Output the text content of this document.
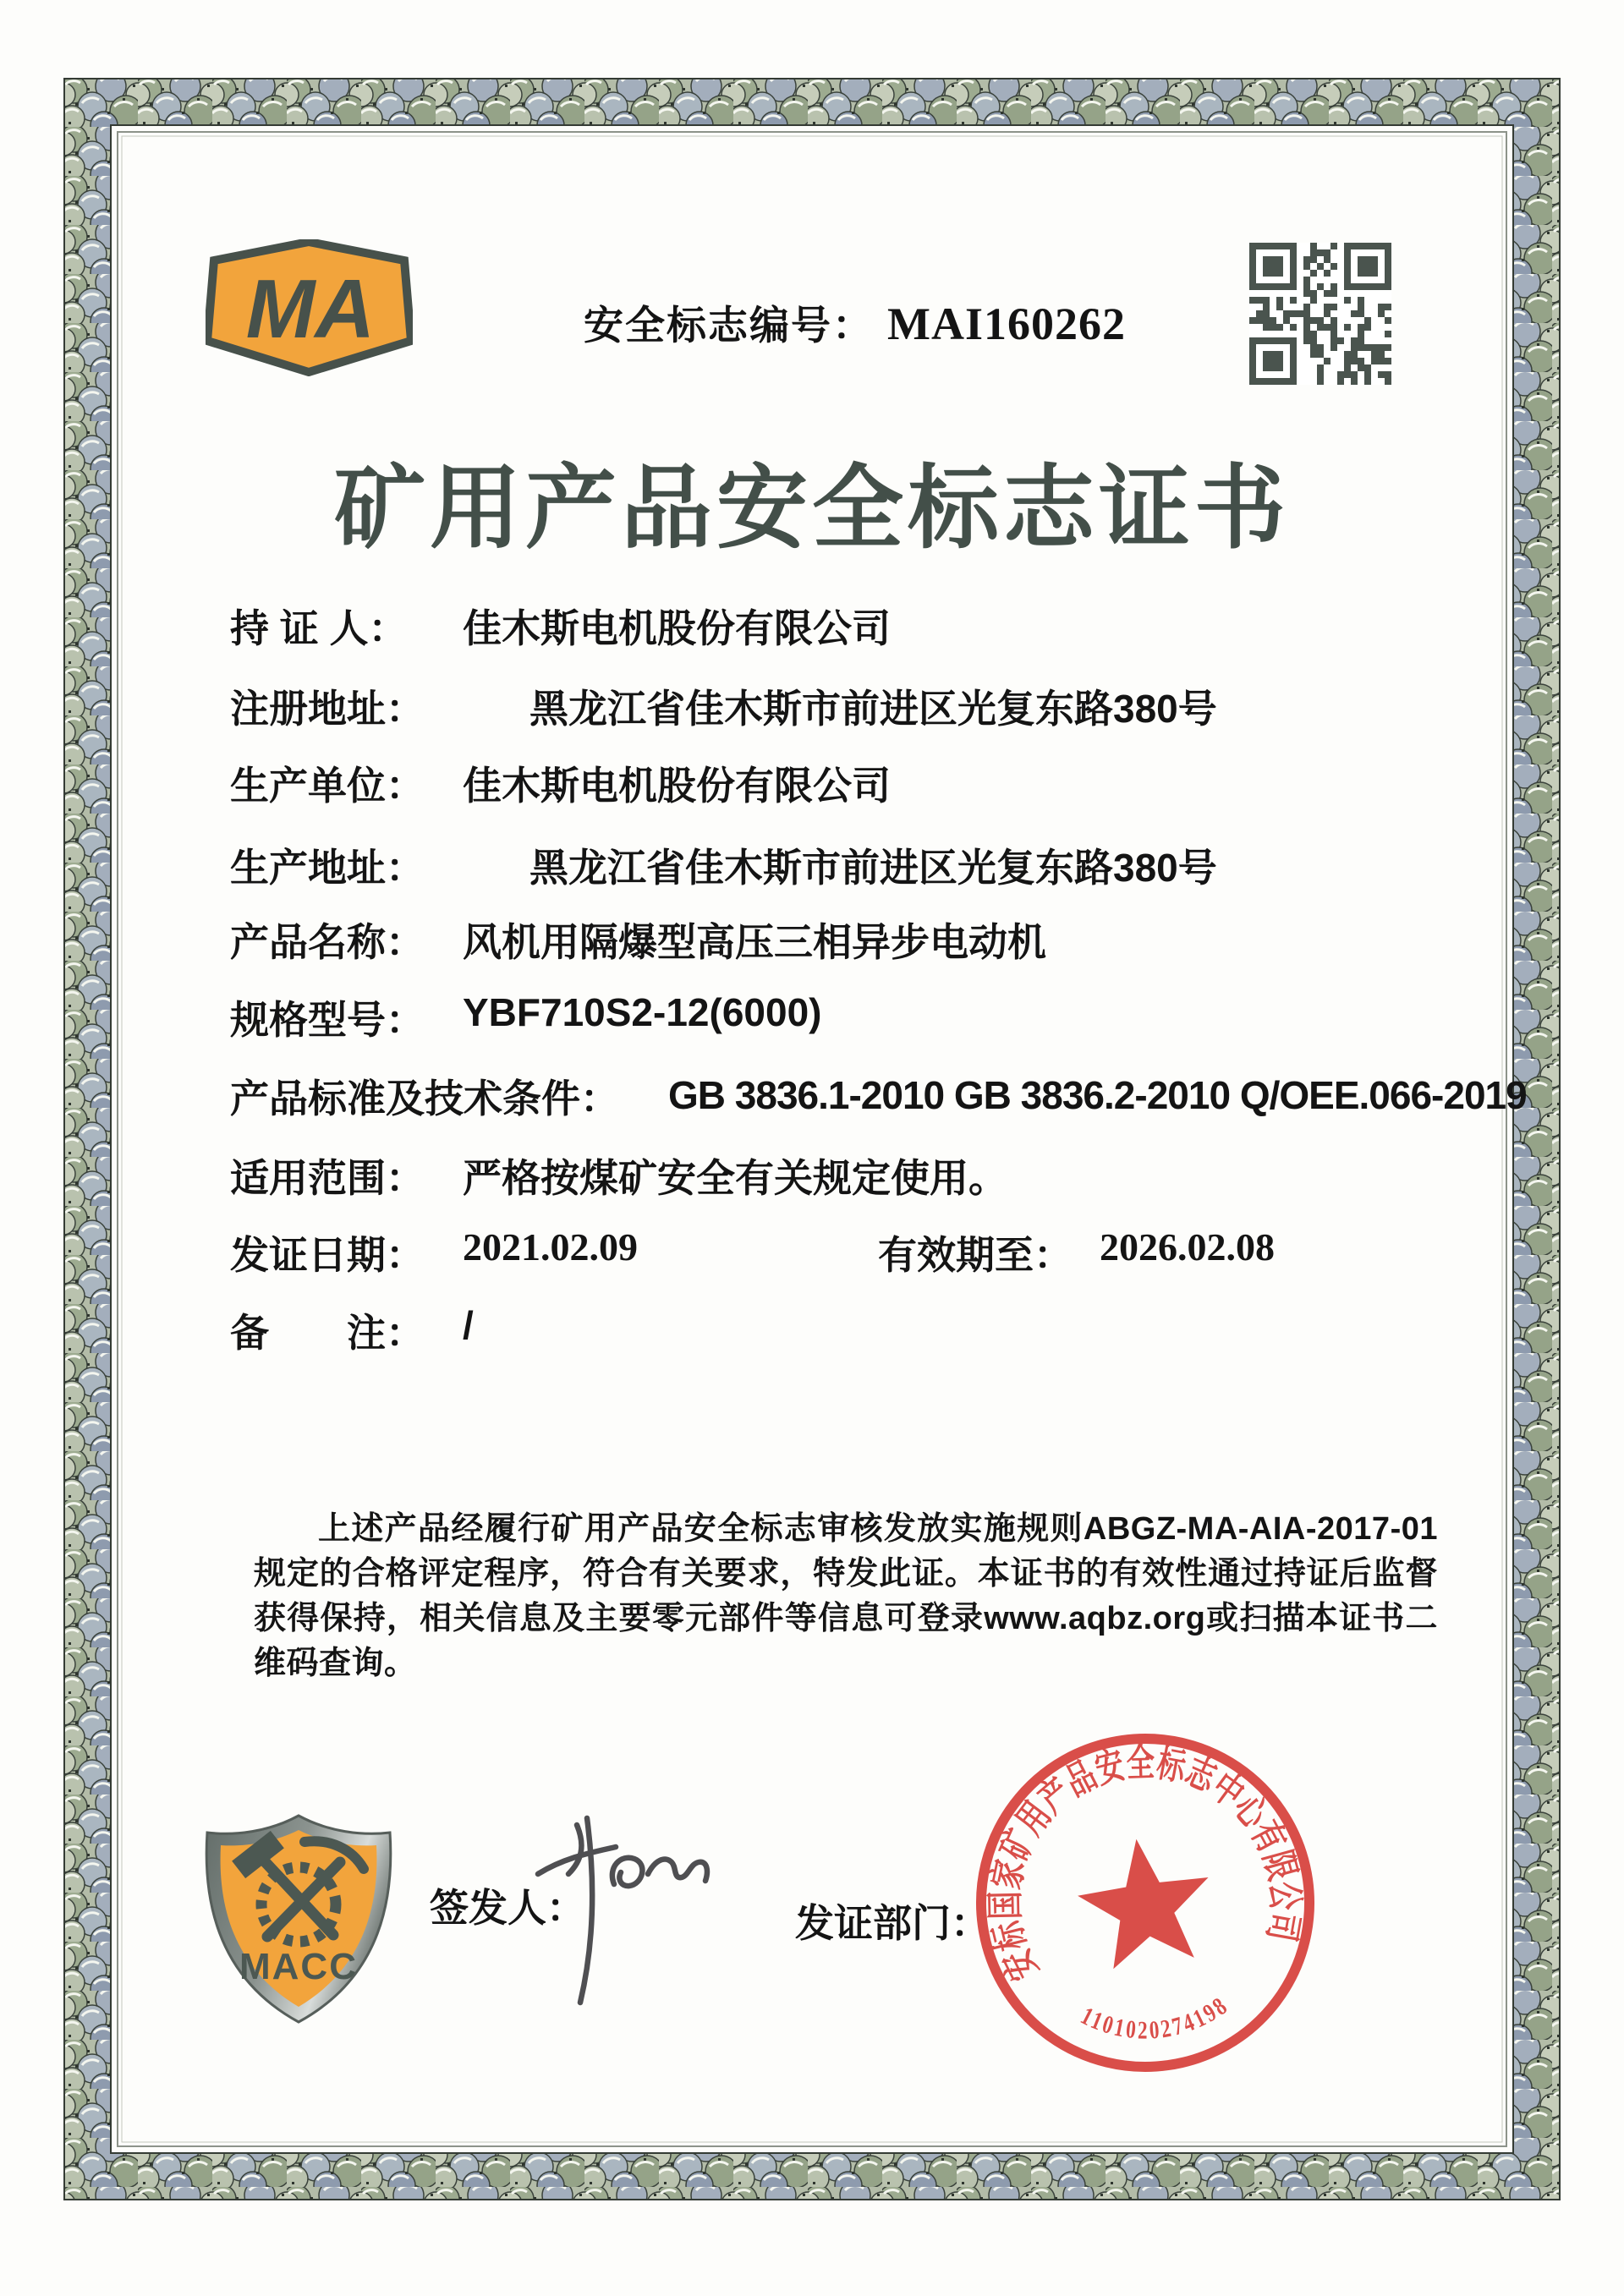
MA	安全标志编号： MAI160262
矿用产品安全标志证书
持 证 人： 佳木斯电机股份有限公司
注册地址：	黑龙江省佳木斯市前进区光复东路380号
生产单位： 佳木斯电机股份有限公司
生产地址：	黑龙江省佳木斯市前进区光复东路380号
产品名称： 风机用隔爆型高压三相异步电动机
规格型号： YBF710S2-12(6000)
产品标准及技术条件： GB 3836.1-2010 GB 3836.2-2010 Q/OEE.066-2019
适用范围： 严格按煤矿安全有关规定使用。
发证日期： 2021.02.09	有效期至： 2026.02.08
备　　注： /
上述产品经履行矿用产品安全标志审核发放实施规则ABGZ-MA-AIA-2017-01规定的合格评定程序，符合有关要求，特发此证。本证书的有效性通过持证后监督获得保持，相关信息及主要零元部件等信息可登录www.aqbz.org或扫描本证书二维码查询。
MACC
签发人：	发证部门：
安标国家矿用产品安全标志中心有限公司
1101020274198
